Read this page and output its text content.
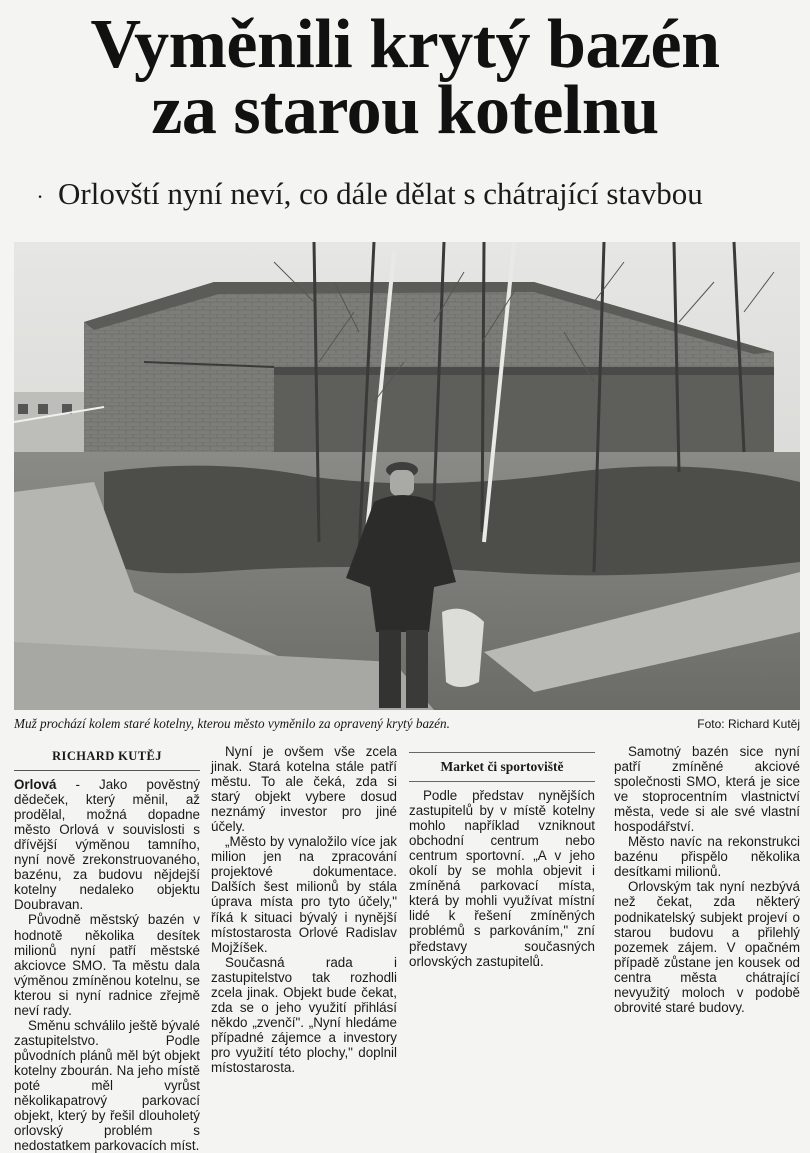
Vyměnili krytý bazén
za starou kotelnu
· Orlovští nyní neví, co dále dělat s chátrající stavbou
Muž prochází kolem staré kotelny, kterou město vyměnilo za opravený krytý bazén.	Foto: Richard Kutěj
RICHARD KUTĚJ

Orlová - Jako pověstný dědeček, který měnil, až prodělal, možná dopadne město Orlová v souvislosti s dřívější výměnou tamního, nyní nově zrekonstruovaného, bazénu, za budovu nějdejší kotelny nedaleko objektu Doubravan.

Původně městský bazén v hodnotě několika desítek milionů nyní patří městské akciovce SMO. Ta městu dala výměnou zmíněnou kotelnu, se kterou si nyní radnice zřejmě neví rady.

Směnu schválilo ještě bývalé zastupitelstvo. Podle původních plánů měl být objekt kotelny zbourán. Na jeho místě poté měl vyrůst několikapatrový parkovací objekt, který by řešil dlouholetý orlovský problém s nedostatkem parkovacích míst.

Nyní je ovšem vše zcela jinak. Stará kotelna stále patří městu. To ale čeká, zda si starý objekt vybere dosud neznámý investor pro jiné účely.

„Město by vynaložilo více jak milion jen na zpracování projektové dokumentace. Dalších šest milionů by stála úprava místa pro tyto účely," říká k situaci bývalý i nynější místostarosta Orlové Radislav Mojžíšek.

Současná rada i zastupitelstvo tak rozhodli zcela jinak. Objekt bude čekat, zda se o jeho využití přihlásí někdo „zvenčí". „Nyní hledáme případné zájemce a investory pro využití této plochy," doplnil místostarosta.

Market či sportoviště

Podle představ nynějších zastupitelů by v místě kotelny mohlo například vzniknout obchodní centrum nebo centrum sportovní. „A v jeho okolí by se mohla objevit i zmíněná parkovací místa, která by mohli využívat místní lidé k řešení zmíněných problémů s parkováním," zní představy současných orlovských zastupitelů.

Samotný bazén sice nyní patří zmíněné akciové společnosti SMO, která je sice ve stoprocentním vlastnictví města, vede si ale své vlastní hospodářství.

Město navíc na rekonstrukci bazénu přispělo několika desítkami milionů.

Orlovským tak nyní nezbývá než čekat, zda některý podnikatelský subjekt projeví o starou budovu a přilehlý pozemek zájem. V opačném případě zůstane jen kousek od centra města chátrající nevyužitý moloch v podobě obrovité staré budovy.
